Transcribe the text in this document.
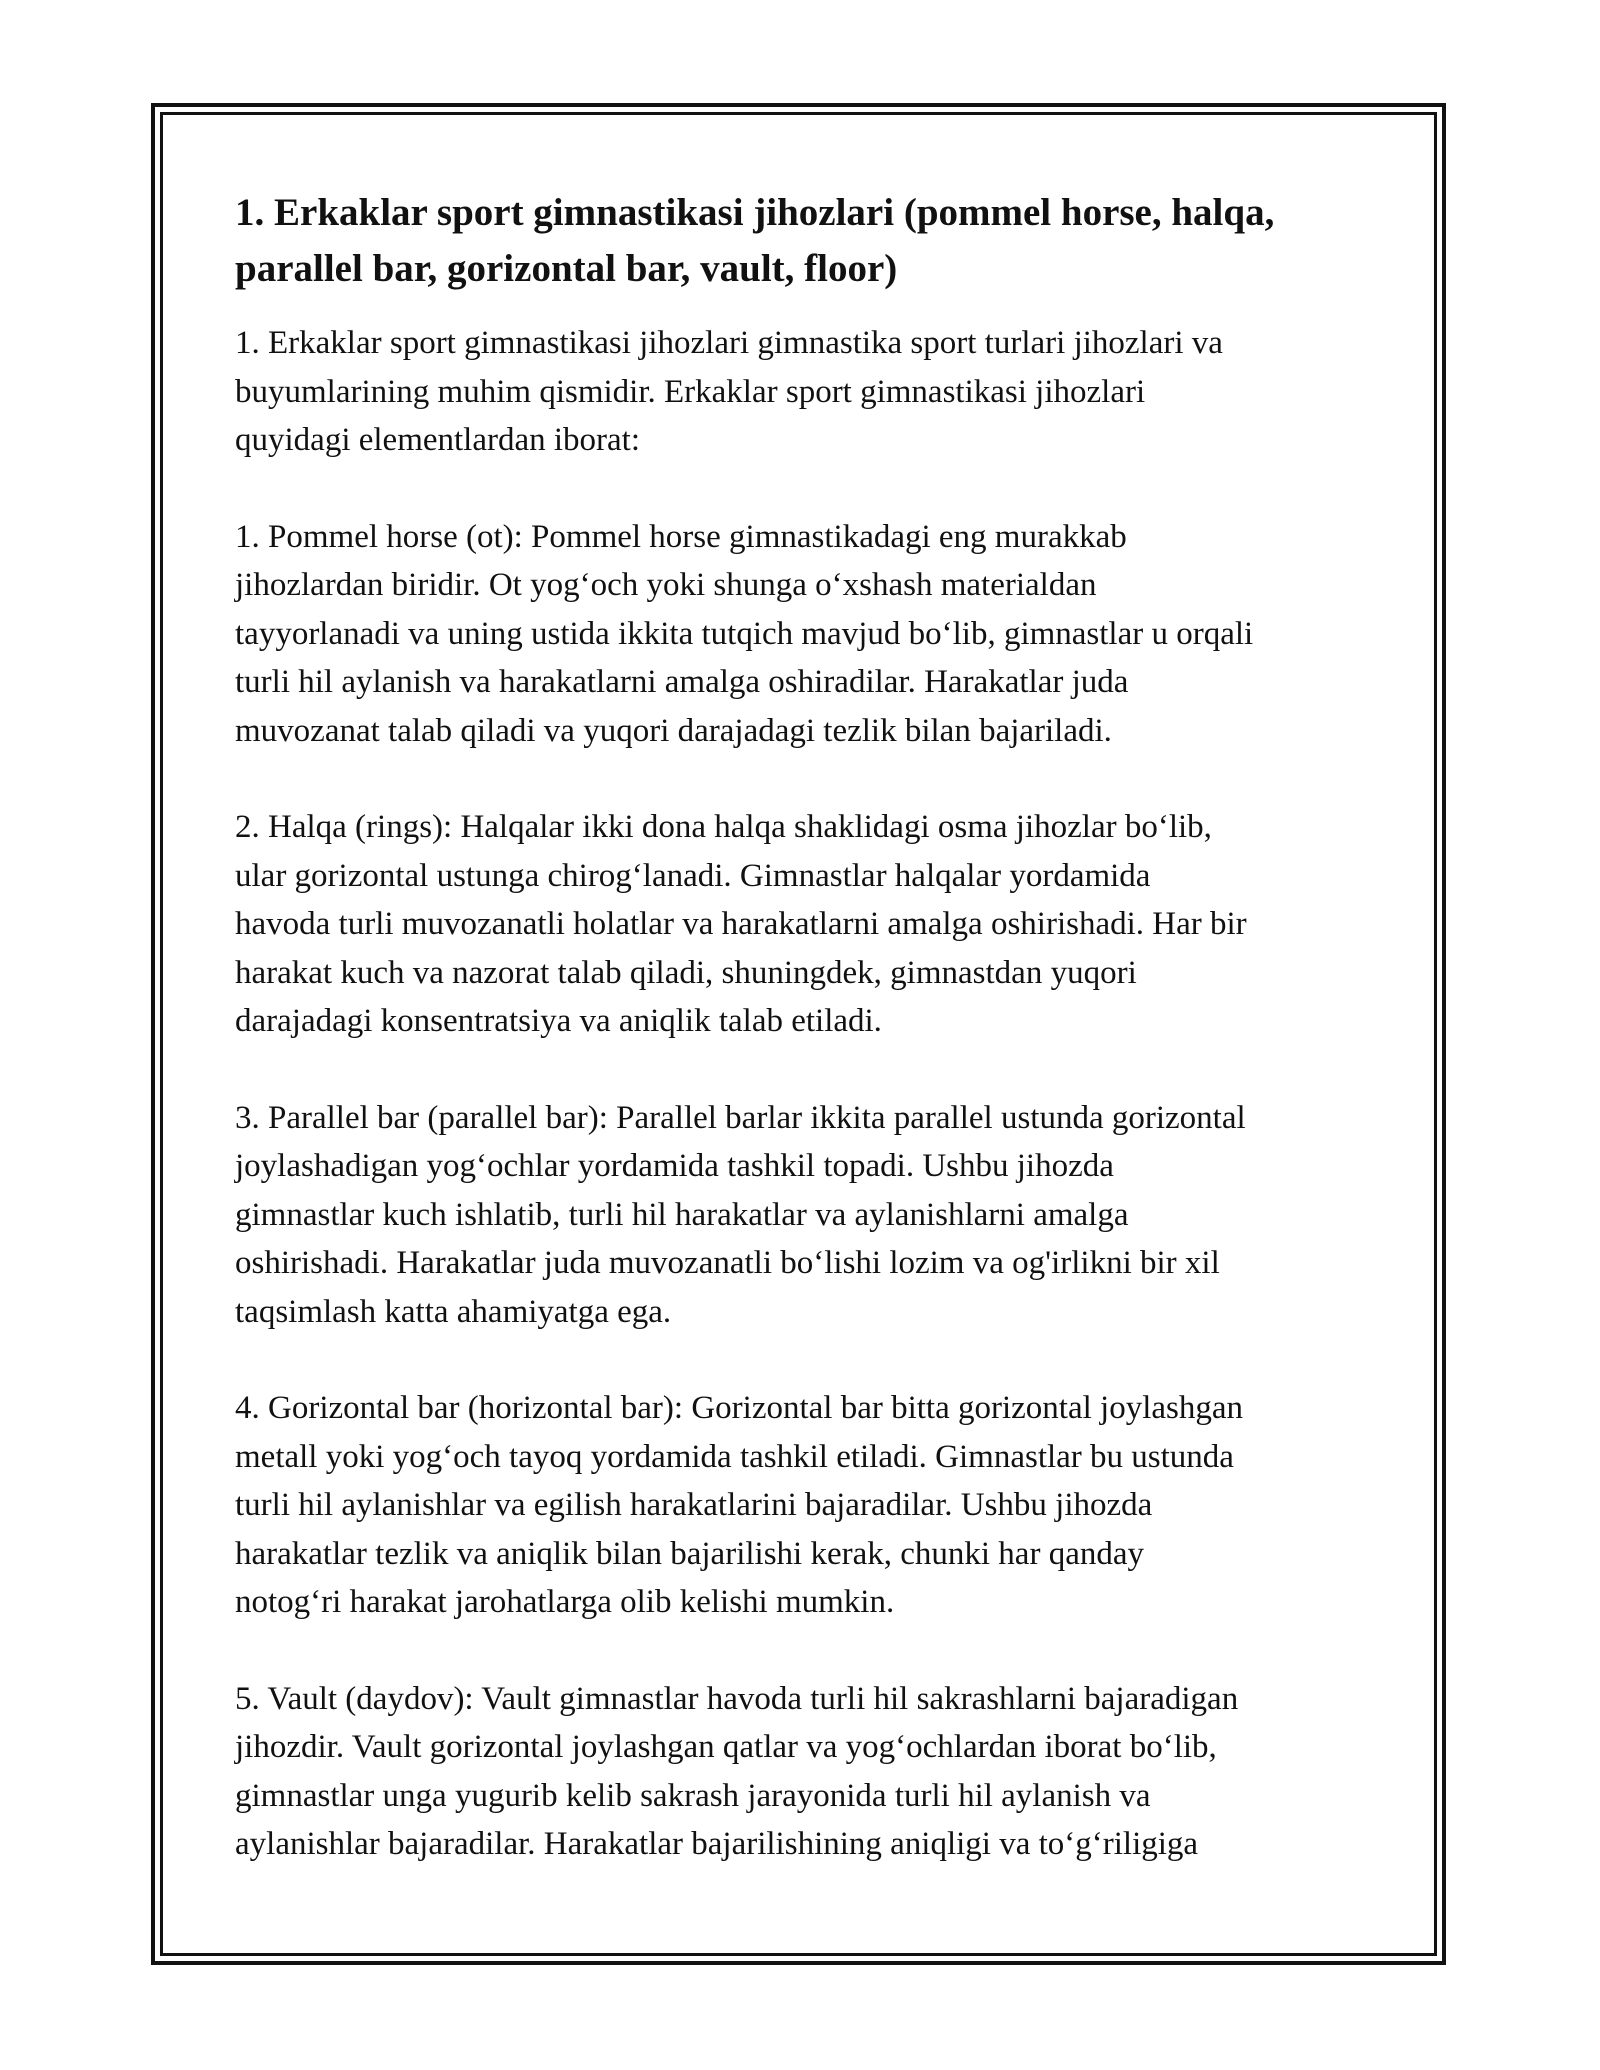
1. Erkaklar sport gimnastikasi jihozlari (pommel horse, halqa,
parallel bar, gorizontal bar, vault, floor)

1. Erkaklar sport gimnastikasi jihozlari gimnastika sport turlari jihozlari va
buyumlarining muhim qismidir. Erkaklar sport gimnastikasi jihozlari
quyidagi elementlardan iborat:

1. Pommel horse (ot): Pommel horse gimnastikadagi eng murakkab
jihozlardan biridir. Ot yog‘och yoki shunga o‘xshash materialdan
tayyorlanadi va uning ustida ikkita tutqich mavjud bo‘lib, gimnastlar u orqali
turli hil aylanish va harakatlarni amalga oshiradilar. Harakatlar juda
muvozanat talab qiladi va yuqori darajadagi tezlik bilan bajariladi.

2. Halqa (rings): Halqalar ikki dona halqa shaklidagi osma jihozlar bo‘lib,
ular gorizontal ustunga chirog‘lanadi. Gimnastlar halqalar yordamida
havoda turli muvozanatli holatlar va harakatlarni amalga oshirishadi. Har bir
harakat kuch va nazorat talab qiladi, shuningdek, gimnastdan yuqori
darajadagi konsentratsiya va aniqlik talab etiladi.

3. Parallel bar (parallel bar): Parallel barlar ikkita parallel ustunda gorizontal
joylashadigan yog‘ochlar yordamida tashkil topadi. Ushbu jihozda
gimnastlar kuch ishlatib, turli hil harakatlar va aylanishlarni amalga
oshirishadi. Harakatlar juda muvozanatli bo‘lishi lozim va og'irlikni bir xil
taqsimlash katta ahamiyatga ega.

4. Gorizontal bar (horizontal bar): Gorizontal bar bitta gorizontal joylashgan
metall yoki yog‘och tayoq yordamida tashkil etiladi. Gimnastlar bu ustunda
turli hil aylanishlar va egilish harakatlarini bajaradilar. Ushbu jihozda
harakatlar tezlik va aniqlik bilan bajarilishi kerak, chunki har qanday
notog‘ri harakat jarohatlarga olib kelishi mumkin.

5. Vault (daydov): Vault gimnastlar havoda turli hil sakrashlarni bajaradigan
jihozdir. Vault gorizontal joylashgan qatlar va yog‘ochlardan iborat bo‘lib,
gimnastlar unga yugurib kelib sakrash jarayonida turli hil aylanish va
aylanishlar bajaradilar. Harakatlar bajarilishining aniqligi va to‘g‘riligiga
